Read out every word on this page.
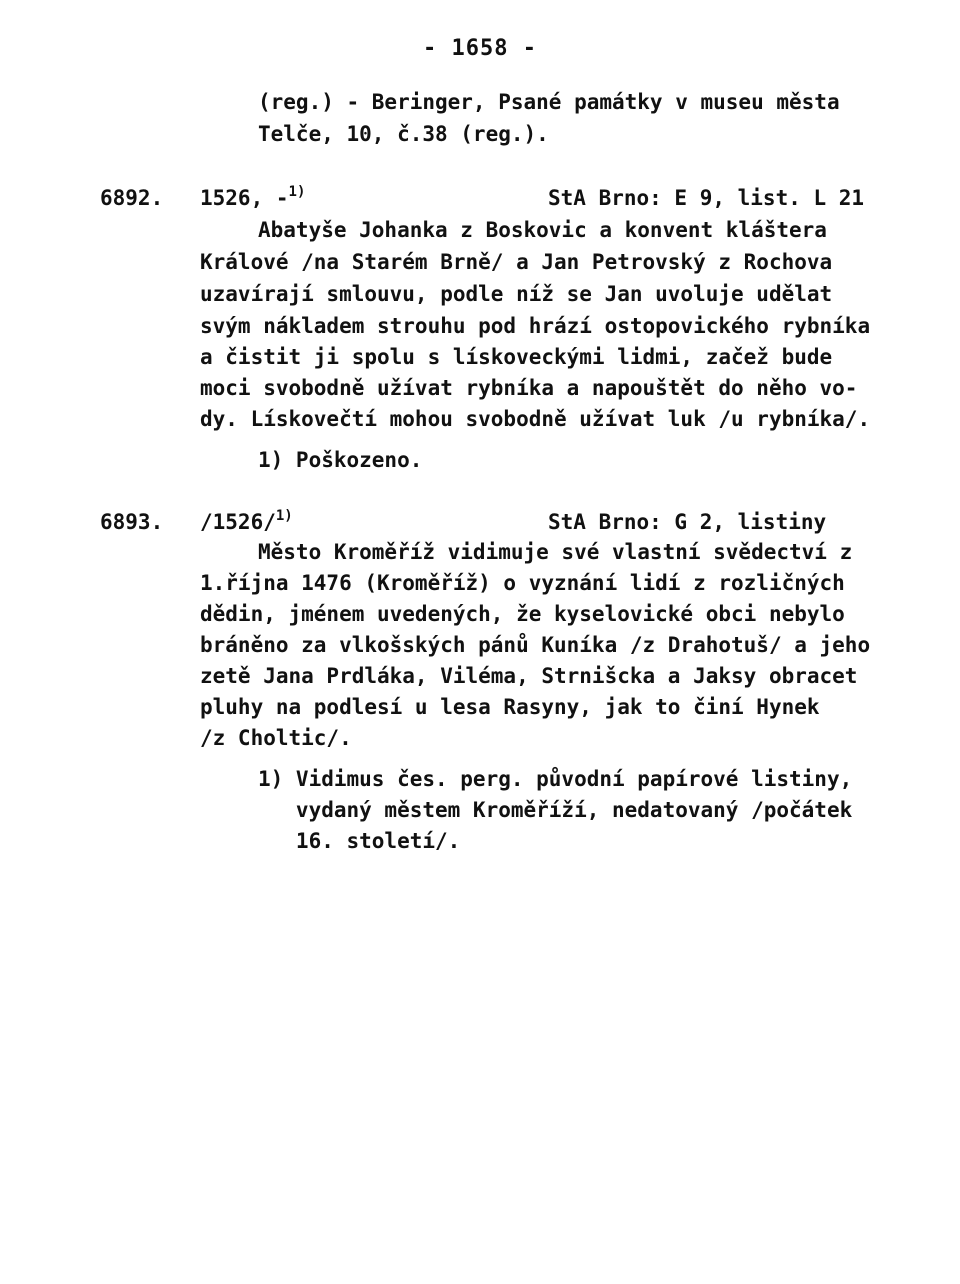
- 1658 -
(reg.) - Beringer, Psané památky v museu města
Telče, 10, č.38 (reg.).
6892. 1526, -$^{1)}$	StA Brno: E 9, list. L 21
Abatyše Johanka z Boskovic a konvent kláštera
Králové /na Starém Brně/ a Jan Petrovský z Rochova
uzavírají smlouvu, podle níž se Jan uvoluje udělat
svým nákladem strouhu pod hrází ostopovického rybníka
a čistit ji spolu s lískoveckými lidmi, začež bude
moci svobodně užívat rybníka a napouštět do něho vo-
dy. Lískovečtí mohou svobodně užívat luk /u rybníka/.
1) Poškozeno.
6893. /1526/$^{1)}$	StA Brno: G 2, listiny
Město Kroměříž vidimuje své vlastní svědectví z
1.října 1476 (Kroměříž) o vyznání lidí z rozličných
dědin, jménem uvedených, že kyselovické obci nebylo
bráněno za vlkošských pánů Kuníka /z Drahotuš/ a jeho
zetě Jana Prdláka, Viléma, Strnišcka a Jaksy obracet
pluhy na podlesí u lesa Rasyny, jak to činí Hynek
/z Choltic/.
1) Vidimus čes. perg. původní papírové listiny,
vydaný městem Kroměříží, nedatovaný /počátek
16. století/.
